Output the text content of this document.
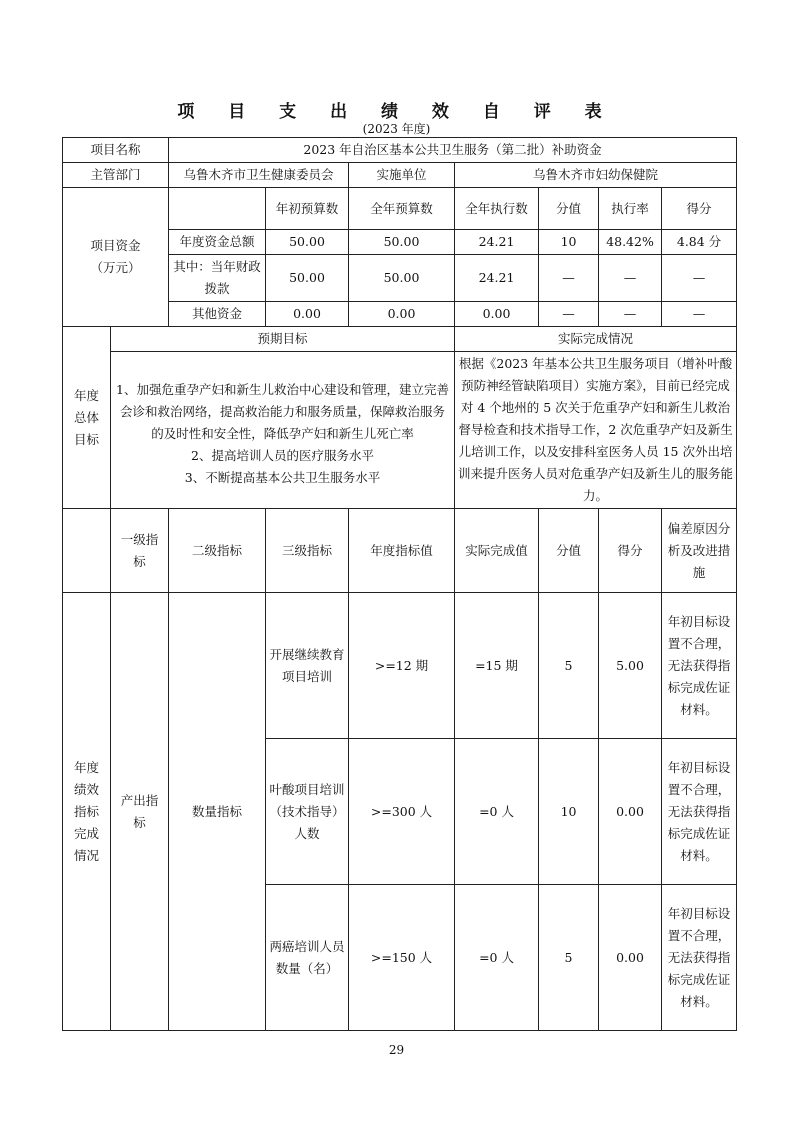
项 目 支 出 绩 效 自 评 表
(2023 年度)
项目名称		2023 年自治区基本公共卫生服务（第二批）补助资金						
主管部门		乌鲁木齐市卫生健康委员会		实施单位	乌鲁木齐市妇幼保健院			
项目资金
（万元）			年初预算数	全年预算数	全年执行数	分值	执行率	得分
		年度资金总额	50.00	50.00	24.21	10	48.42%	4.84 分
		其中：当年财政拨款	50.00	50.00	24.21	—	—	—
		其他资金	0.00	0.00	0.00	—	—	—
年度
总体
目标	预期目标				实际完成情况			

	1、加强危重孕产妇和新生儿救治中心建设和管理，建立完善会诊和救治网络，提高救治能力和服务质量，保障救治服务的及时性和安全性，降低孕产妇和新生儿死亡率
2、提高培训人员的医疗服务水平
3、不断提高基本公共卫生服务水平				根据《2023 年基本公共卫生服务项目（增补叶酸预防神经管缺陷项目）实施方案》，目前已经完成对 4 个地州的 5 次关于危重孕产妇和新生儿救治督导检查和技术指导工作，2 次危重孕产妇及新生儿培训工作，以及安排科室医务人员 15 次外出培训来提升医务人员对危重孕产妇及新生儿的服务能力。			
	一级指
标	二级指标	三级指标	年度指标值	实际完成值	分值	得分	偏差原因分析及改进措施
年度
绩效
指标
完成
情况	产出指
标	数量指标	开展继续教育项目培训	>=12 期	=15 期	5	5.00	年初目标设置不合理，无法获得指标完成佐证材料。
			叶酸项目培训（技术指导）人数	>=300 人	=0 人	10	0.00	年初目标设置不合理，无法获得指标完成佐证材料。
			两癌培训人员数量（名）	>=150 人	=0 人	5	0.00	年初目标设置不合理，无法获得指标完成佐证材料。
29
